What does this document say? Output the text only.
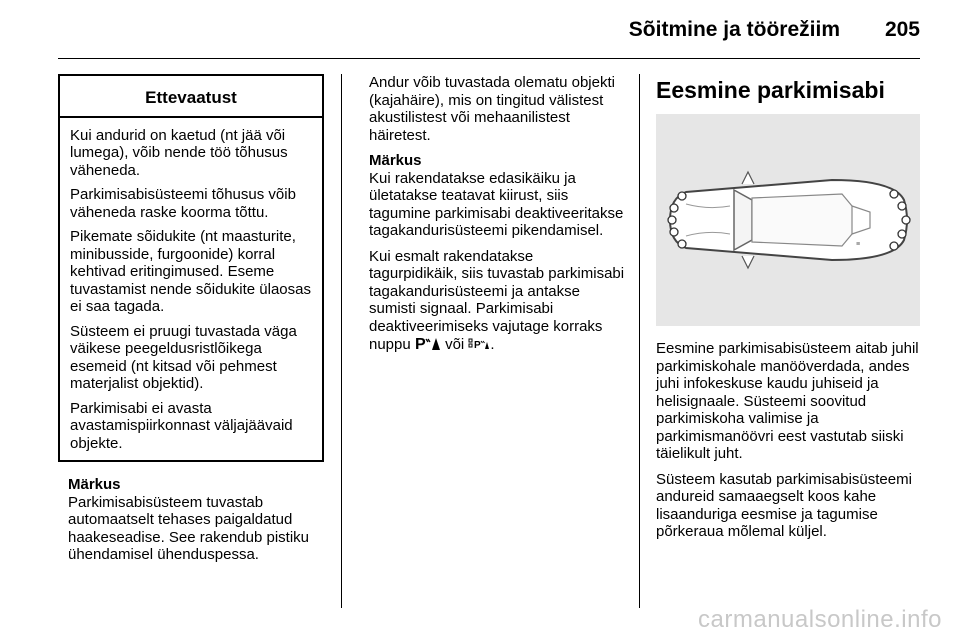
Sõitmine ja töörežiim 205
Ettevaatust

Kui andurid on kaetud (nt jää või lumega), võib nende töö tõhusus väheneda.

Parkimisabisüsteemi tõhusus võib väheneda raske koorma tõttu.

Pikemate sõidukite (nt maasturite, minibusside, furgoonide) korral kehtivad eritingimused. Eseme tuvastamist nende sõidukite ülaosas ei saa tagada.

Süsteem ei pruugi tuvastada väga väikese peegeldusristlõikega esemeid (nt kitsad või pehmest materjalist objektid).

Parkimisabi ei avasta avastamispiirkonnast väljajäävaid objekte.

Märkus
Parkimisabisüsteem tuvastab automaatselt tehases paigaldatud haakeseadise. See rakendub pistiku ühendamisel ühenduspessa.

Andur võib tuvastada olematu objekti (kajahäire), mis on tingitud välistest akustilistest või mehaanilistest häiretest.

Märkus
Kui rakendatakse edasikäiku ja ületatakse teatavat kiirust, siis tagumine parkimisabi deaktiveeritakse tagakandurisüsteemi pikendamisel.

Kui esmalt rakendatakse tagurpidikäik, siis tuvastab parkimisabi tagakandurisüsteemi ja antakse sumisti signaal. Parkimisabi deaktiveerimiseks vajutage korraks nuppu P või P .

Eesmine parkimisabi
≡

Eesmine parkimisabisüsteem aitab juhil parkimiskohale manööverdada, andes juhi infokeskuse kaudu juhiseid ja helisignaale. Süsteemi soovitud parkimiskoha valimise ja parkimismanöövri eest vastutab siiski täielikult juht.

Süsteem kasutab parkimisabisüsteemi andureid samaaegselt koos kahe lisaanduriga eesmise ja tagumise põrkeraua mõlemal küljel.

carmanualsonline.info
